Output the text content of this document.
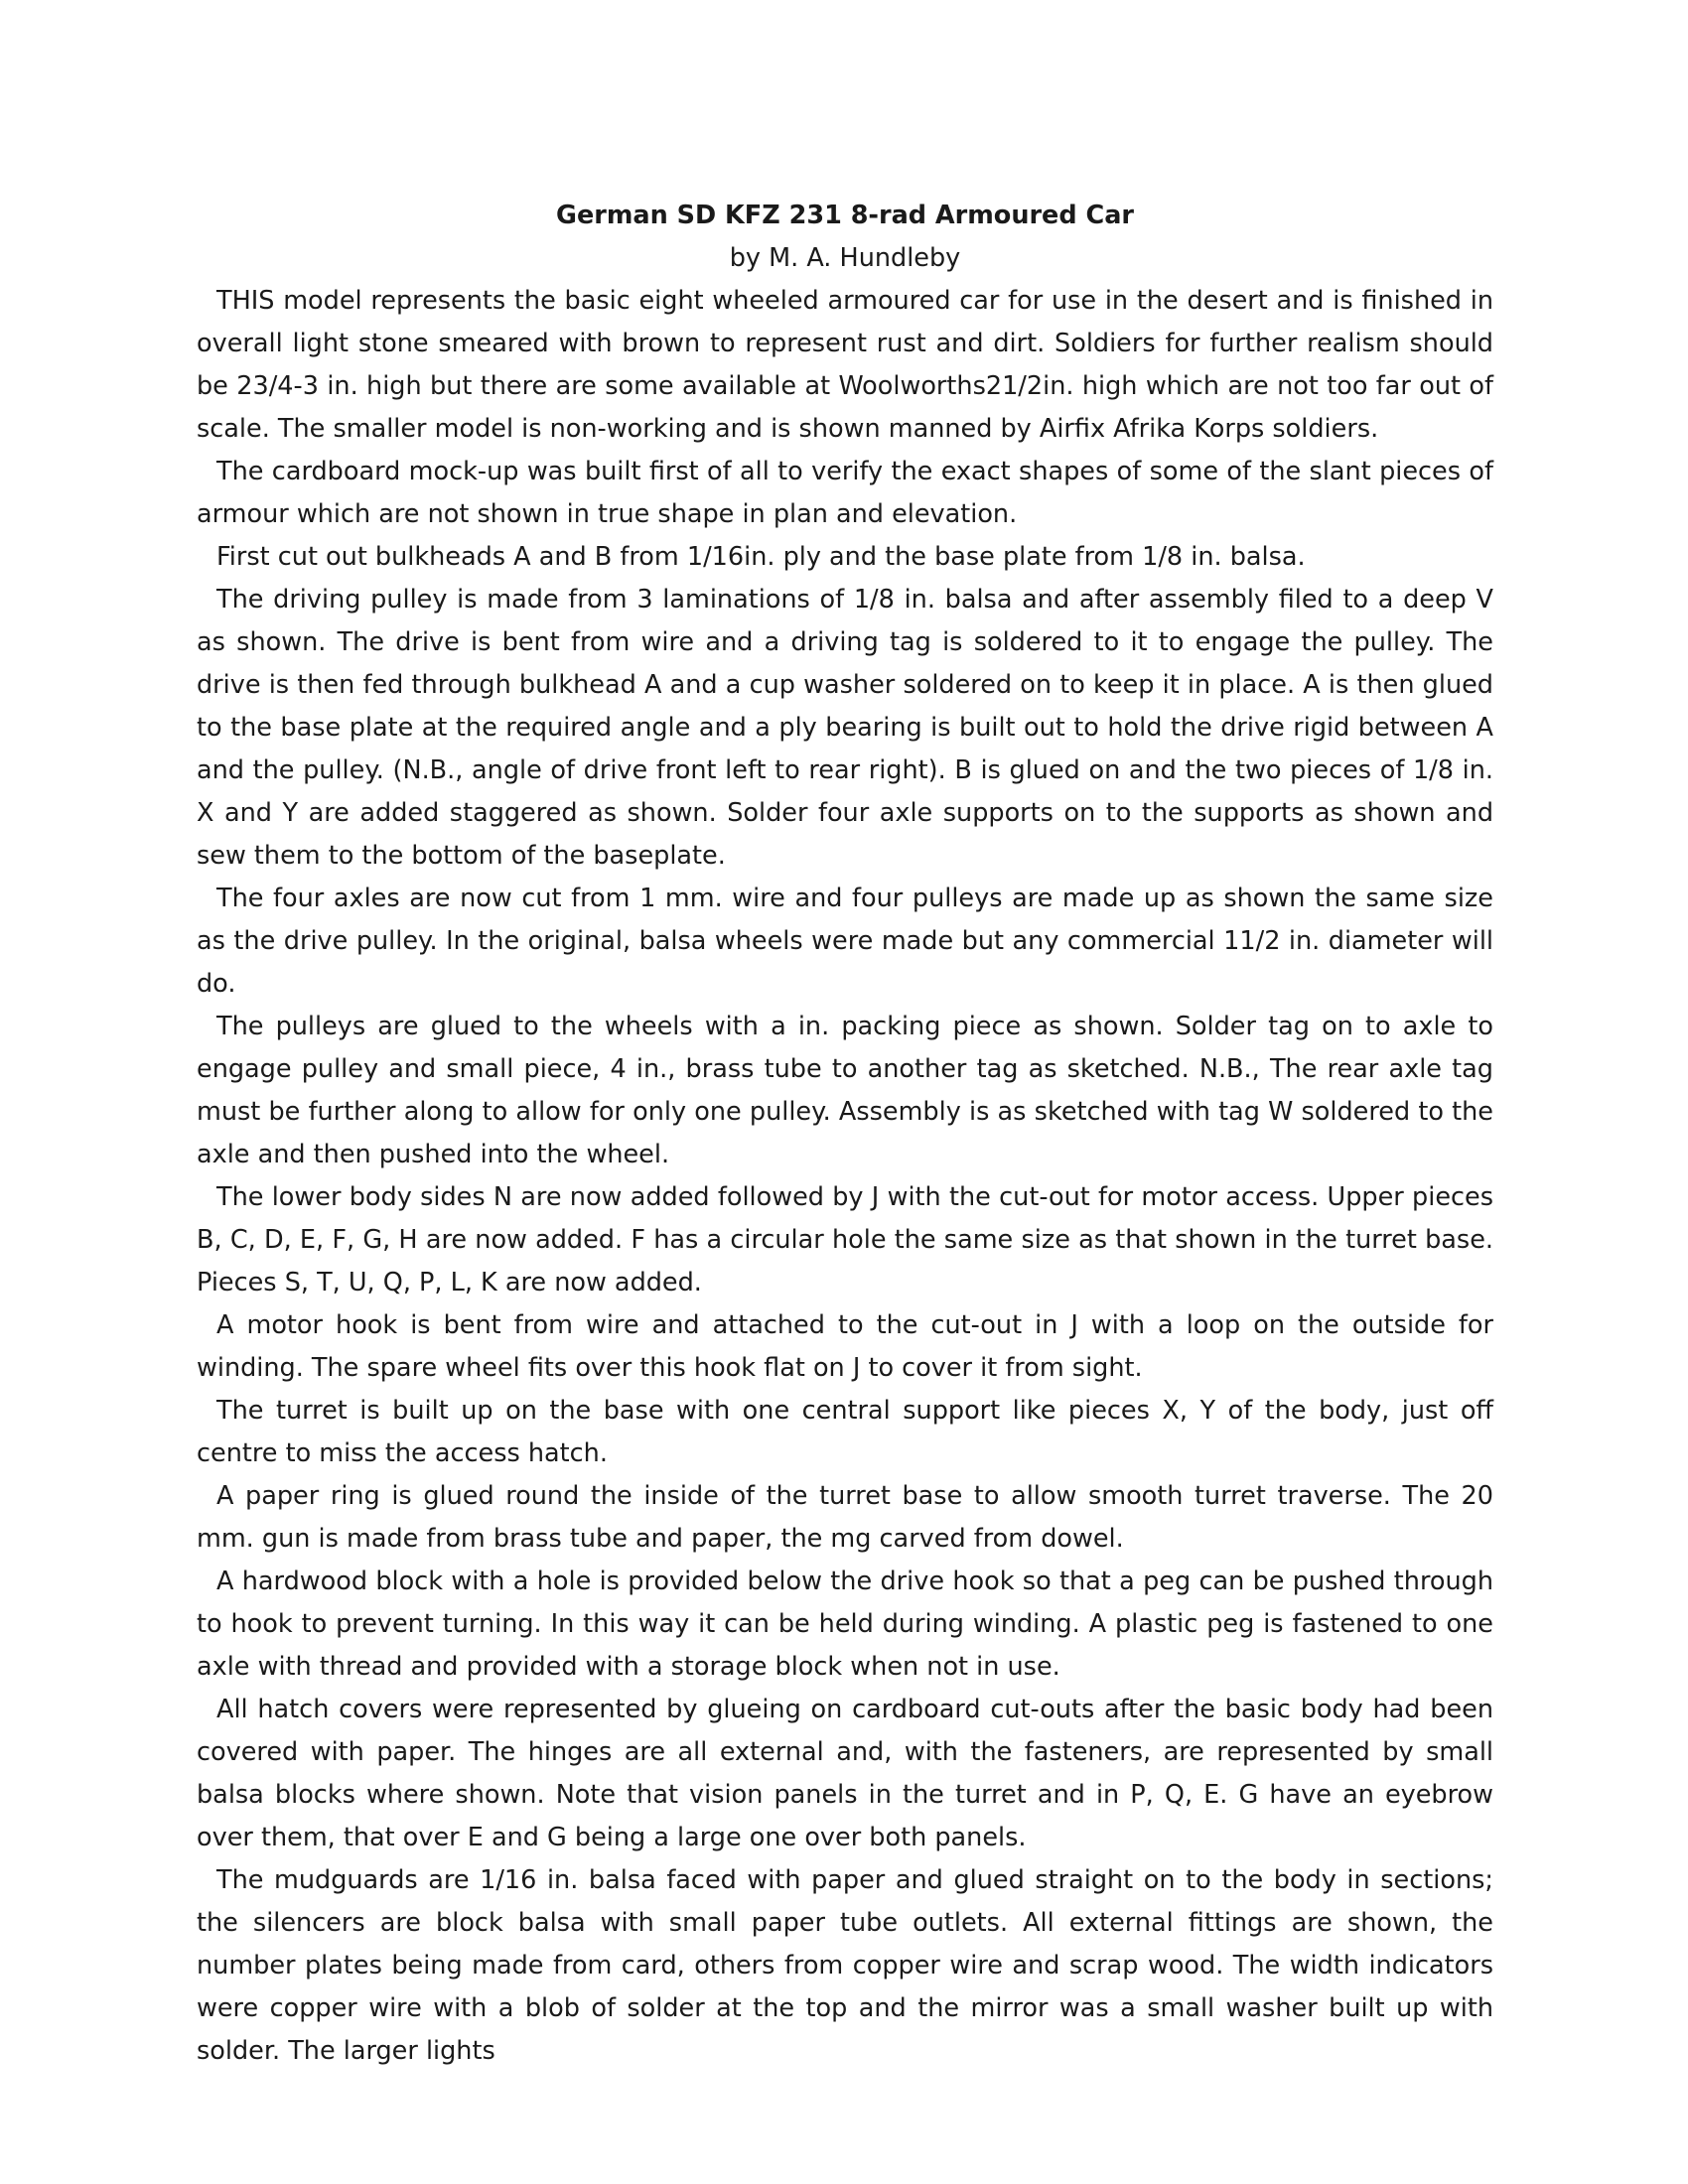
German SD KFZ 231 8-rad Armoured Car

by M. A. Hundleby

THIS model represents the basic eight wheeled armoured car for use in the desert and is finished in overall light stone smeared with brown to represent rust and dirt. Soldiers for further realism should be 23/4-3 in. high but there are some available at Woolworths21/2in. high which are not too far out of scale. The smaller model is non-working and is shown manned by Airfix Afrika Korps soldiers.

The cardboard mock-up was built first of all to verify the exact shapes of some of the slant pieces of armour which are not shown in true shape in plan and elevation.

First cut out bulkheads A and B from 1/16in. ply and the base plate from 1/8 in. balsa.

The driving pulley is made from 3 laminations of 1/8 in. balsa and after assembly filed to a deep V as shown. The drive is bent from wire and a driving tag is soldered to it to engage the pulley. The drive is then fed through bulkhead A and a cup washer soldered on to keep it in place. A is then glued to the base plate at the required angle and a ply bearing is built out to hold the drive rigid between A and the pulley. (N.B., angle of drive front left to rear right). B is glued on and the two pieces of 1/8 in. X and Y are added staggered as shown. Solder four axle supports on to the supports as shown and sew them to the bottom of the baseplate.

The four axles are now cut from 1 mm. wire and four pulleys are made up as shown the same size as the drive pulley. In the original, balsa wheels were made but any commercial 11/2 in. diameter will do.

The pulleys are glued to the wheels with a in. packing piece as shown. Solder tag on to axle to engage pulley and small piece, 4 in., brass tube to another tag as sketched. N.B., The rear axle tag must be further along to allow for only one pulley. Assembly is as sketched with tag W soldered to the axle and then pushed into the wheel.

The lower body sides N are now added followed by J with the cut-out for motor access. Upper pieces B, C, D, E, F, G, H are now added. F has a circular hole the same size as that shown in the turret base. Pieces S, T, U, Q, P, L, K are now added.

A motor hook is bent from wire and attached to the cut-out in J with a loop on the outside for winding. The spare wheel fits over this hook flat on J to cover it from sight.

The turret is built up on the base with one central support like pieces X, Y of the body, just off centre to miss the access hatch.

A paper ring is glued round the inside of the turret base to allow smooth turret traverse. The 20 mm. gun is made from brass tube and paper, the mg carved from dowel.

A hardwood block with a hole is provided below the drive hook so that a peg can be pushed through to hook to prevent turning. In this way it can be held during winding. A plastic peg is fastened to one axle with thread and provided with a storage block when not in use.

All hatch covers were represented by glueing on cardboard cut-outs after the basic body had been covered with paper. The hinges are all external and, with the fasteners, are represented by small balsa blocks where shown. Note that vision panels in the turret and in P, Q, E. G have an eyebrow over them, that over E and G being a large one over both panels.

The mudguards are 1/16 in. balsa faced with paper and glued straight on to the body in sections; the silencers are block balsa with small paper tube outlets. All external fittings are shown, the number plates being made from card, others from copper wire and scrap wood. The width indicators were copper wire with a blob of solder at the top and the mirror was a small washer built up with solder. The larger lights
